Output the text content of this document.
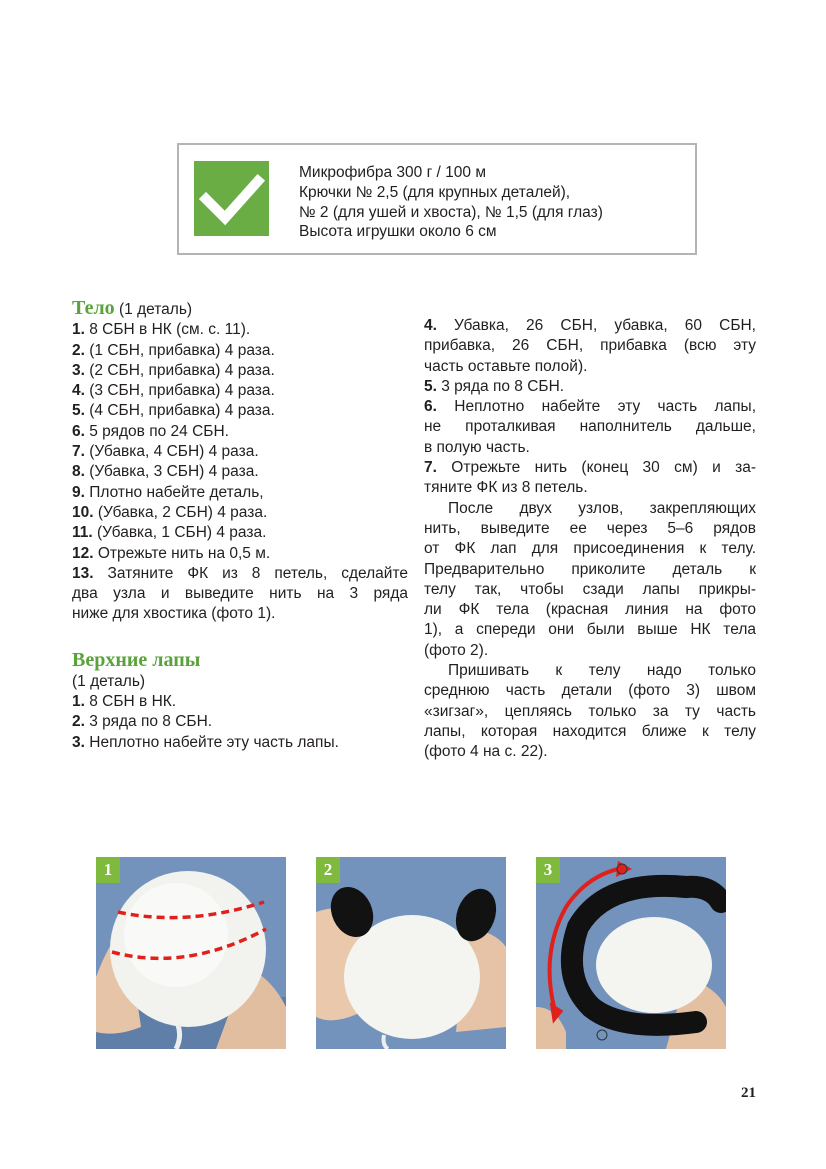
Микрофибра 300 г / 100 м
Крючки № 2,5 (для крупных деталей),
№ 2 (для ушей и хвоста), № 1,5 (для глаз)
Высота игрушки около 6 см
Тело (1 деталь)
1. 8 СБН в НК (см. с. 11).
2. (1 СБН, прибавка) 4 раза.
3. (2 СБН, прибавка) 4 раза.
4. (3 СБН, прибавка) 4 раза.
5. (4 СБН, прибавка) 4 раза.
6. 5 рядов по 24 СБН.
7. (Убавка, 4 СБН) 4 раза.
8. (Убавка, 3 СБН) 4 раза.
9. Плотно набейте деталь,
10. (Убавка, 2 СБН) 4 раза.
11. (Убавка, 1 СБН) 4 раза.
12. Отрежьте нить на 0,5 м.
13. Затяните ФК из 8 петель, сделайте
два узла и выведите нить на 3 ряда
ниже для хвостика (фото 1).
Верхние лапы
(1 деталь)
1. 8 СБН в НК.
2. 3 ряда по 8 СБН.
3. Неплотно набейте эту часть лапы.
4. Убавка, 26 СБН, убавка, 60 СБН,
прибавка, 26 СБН, прибавка (всю эту
часть оставьте полой).
5. 3 ряда по 8 СБН.
6. Неплотно набейте эту часть лапы,
не проталкивая наполнитель дальше,
в полую часть.
7. Отрежьте нить (конец 30 см) и за-
тяните ФК из 8 петель.
После двух узлов, закрепляющих
нить, выведите ее через 5–6 рядов
от ФК лап для присоединения к телу.
Предварительно приколите деталь к
телу так, чтобы сзади лапы прикры-
ли ФК тела (красная линия на фото
1), а спереди они были выше НК тела
(фото 2).
Пришивать к телу надо только
среднюю часть детали (фото 3) швом
«зигзаг», цепляясь только за ту часть
лапы, которая находится ближе к телу
(фото 4 на с. 22).
1	2	3
21
